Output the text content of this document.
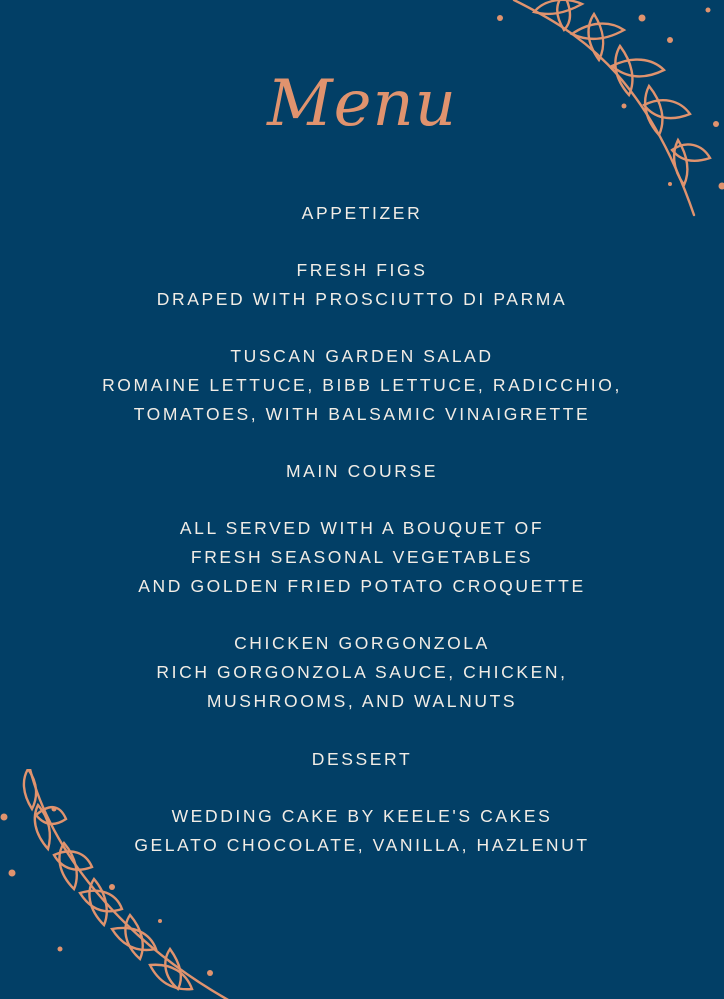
Menu
APPETIZER
FRESH FIGS
DRAPED WITH PROSCIUTTO DI PARMA
TUSCAN GARDEN SALAD
ROMAINE LETTUCE, BIBB LETTUCE, RADICCHIO,
TOMATOES, WITH BALSAMIC VINAIGRETTE
MAIN COURSE
ALL SERVED WITH A BOUQUET OF
FRESH SEASONAL VEGETABLES
AND GOLDEN FRIED POTATO CROQUETTE
CHICKEN GORGONZOLA
RICH GORGONZOLA SAUCE, CHICKEN,
MUSHROOMS, AND WALNUTS
DESSERT
WEDDING CAKE BY KEELE'S CAKES
GELATO CHOCOLATE, VANILLA, HAZLENUT
